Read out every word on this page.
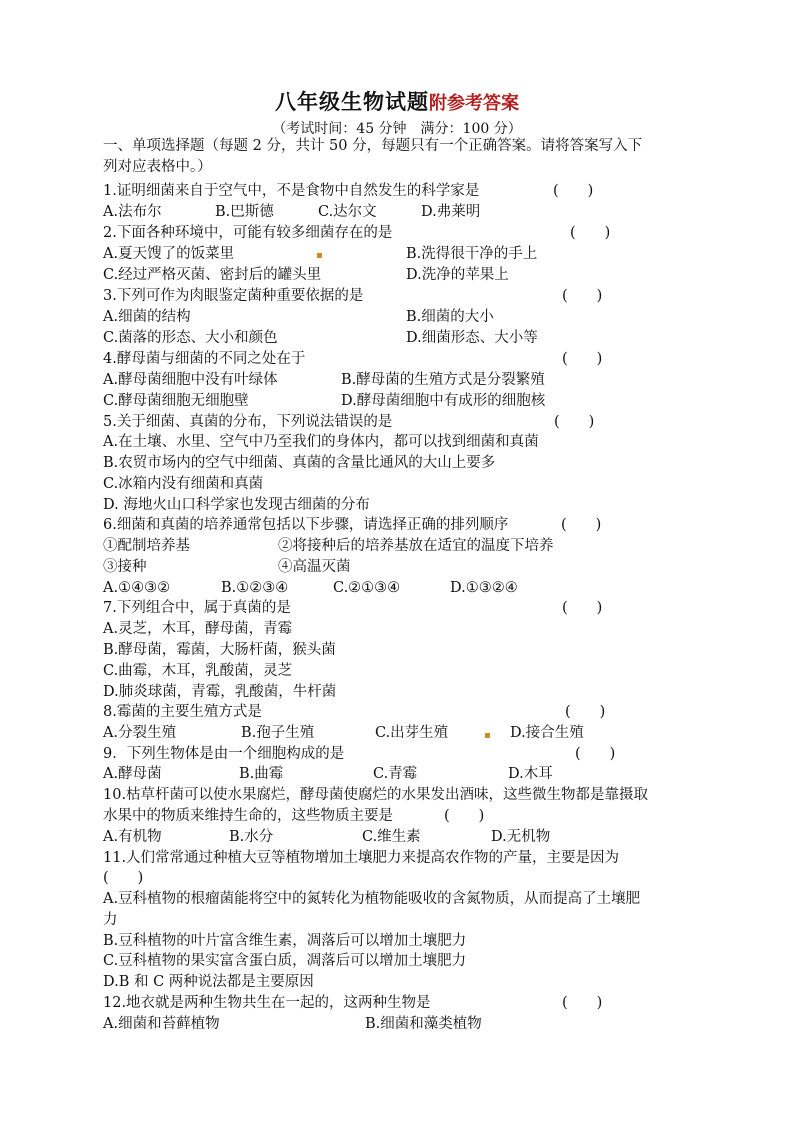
八年级生物试题附参考答案
（考试时间：45 分钟　满分：100 分）
一、单项选择题（每题 2 分，共计 50 分，每题只有一个正确答案。请将答案写入下
列对应表格中。）
1.证明细菌来自于空气中，不是食物中自然发生的科学家是	(　　)
A.法布尔	B.巴斯德	C.达尔文	D.弗莱明
2.下面各种环境中，可能有较多细菌存在的是	(　　)
A.夏天馊了的饭菜里	▪	B.洗得很干净的手上
C.经过严格灭菌、密封后的罐头里	D.洗净的苹果上
3.下列可作为肉眼鉴定菌种重要依据的是	(　　)
A.细菌的结构	B.细菌的大小
C.菌落的形态、大小和颜色	D.细菌形态、大小等
4.酵母菌与细菌的不同之处在于	(　　)
A.酵母菌细胞中没有叶绿体	B.酵母菌的生殖方式是分裂繁殖
C.酵母菌细胞无细胞壁	D.酵母菌细胞中有成形的细胞核
5.关于细菌、真菌的分布，下列说法错误的是	(　　)
A.在土壤、水里、空气中乃至我们的身体内，都可以找到细菌和真菌
B.农贸市场内的空气中细菌、真菌的含量比通风的大山上要多
C.冰箱内没有细菌和真菌
D. 海地火山口科学家也发现古细菌的分布
6.细菌和真菌的培养通常包括以下步骤，请选择正确的排列顺序	(　　)
①配制培养基	②将接种后的培养基放在适宜的温度下培养
③接种	④高温灭菌
A.①④③②	B.①②③④	C.②①③④	D.①③②④
7.下列组合中，属于真菌的是	(　　)
A.灵芝，木耳，酵母菌，青霉
B.酵母菌，霉菌，大肠杆菌，猴头菌
C.曲霉，木耳，乳酸菌，灵芝
D.肺炎球菌，青霉，乳酸菌，牛杆菌
8.霉菌的主要生殖方式是	(　　)
A.分裂生殖	B.孢子生殖	C.出芽生殖	▪ D.接合生殖
9．下列生物体是由一个细胞构成的是	(　　)
A.酵母菌	B.曲霉	C.青霉	D.木耳
10.枯草杆菌可以使水果腐烂，酵母菌使腐烂的水果发出酒味，这些微生物都是靠摄取
水果中的物质来维持生命的，这些物质主要是	(　　)
A.有机物	B.水分	C.维生素	D.无机物
11.人们常常通过种植大豆等植物增加土壤肥力来提高农作物的产量，主要是因为
(　　)
A.豆科植物的根瘤菌能将空中的氮转化为植物能吸收的含氮物质，从而提高了土壤肥
力
B.豆科植物的叶片富含维生素，凋落后可以增加土壤肥力
C.豆科植物的果实富含蛋白质，凋落后可以增加土壤肥力
D.B 和 C 两种说法都是主要原因
12.地衣就是两种生物共生在一起的，这两种生物是	(　　)
A.细菌和苔藓植物	B.细菌和藻类植物
